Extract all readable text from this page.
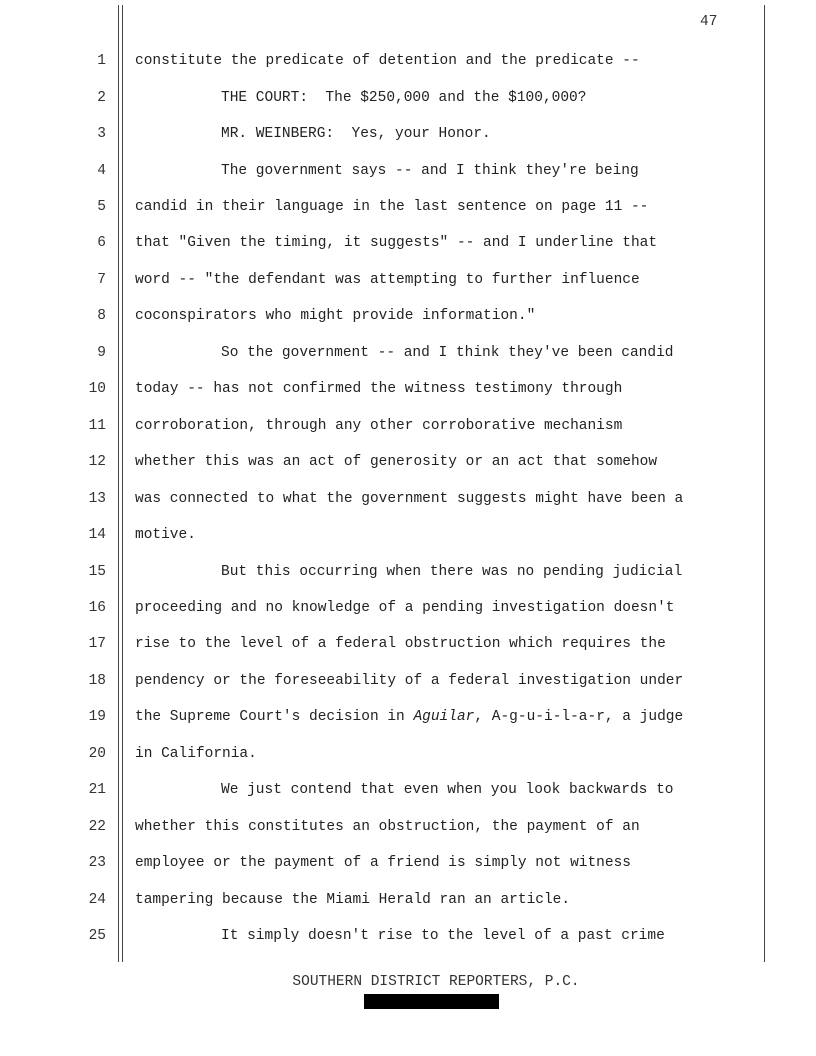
47
1 constitute the predicate of detention and the predicate --
2	THE COURT:  The $250,000 and the $100,000?
3	MR. WEINBERG:  Yes, your Honor.
4	The government says -- and I think they're being
5 candid in their language in the last sentence on page 11 --
6 that "Given the timing, it suggests" -- and I underline that
7 word -- "the defendant was attempting to further influence
8 coconspirators who might provide information."
9	So the government -- and I think they've been candid
10 today -- has not confirmed the witness testimony through
11 corroboration, through any other corroborative mechanism
12 whether this was an act of generosity or an act that somehow
13 was connected to what the government suggests might have been a
14 motive.
15	But this occurring when there was no pending judicial
16 proceeding and no knowledge of a pending investigation doesn't
17 rise to the level of a federal obstruction which requires the
18 pendency or the foreseeability of a federal investigation under
19 the Supreme Court's decision in Aguilar, A-g-u-i-l-a-r, a judge
20 in California.
21	We just contend that even when you look backwards to
22 whether this constitutes an obstruction, the payment of an
23 employee or the payment of a friend is simply not witness
24 tampering because the Miami Herald ran an article.
25	It simply doesn't rise to the level of a past crime
SOUTHERN DISTRICT REPORTERS, P.C.
